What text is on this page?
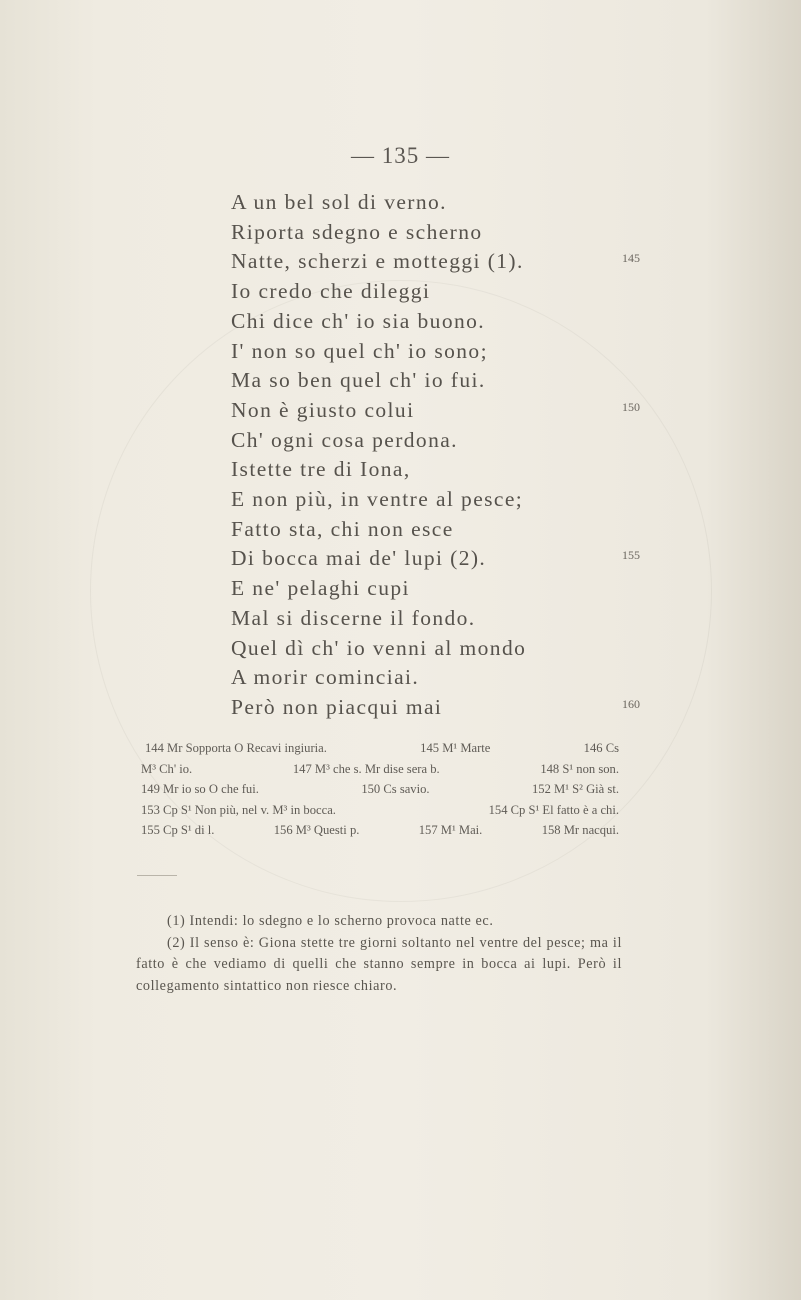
— 135 —
A un bel sol di verno.
Riporta sdegno e scherno
Natte, scherzi e motteggi (1).	145
Io credo che dileggi
Chi dice ch' io sia buono.
I' non so quel ch' io sono;
Ma so ben quel ch' io fui.
Non è giusto colui	150
Ch' ogni cosa perdona.
Istette tre di Iona,
E non più, in ventre al pesce;
Fatto sta, chi non esce
Di bocca mai de' lupi (2).	155
E ne' pelaghi cupi
Mal si discerne il fondo.
Quel dì ch' io venni al mondo
A morir cominciai.
Però non piacqui mai	160
144 Mr Sopporta O Recavi ingiuria.	145 M¹ Marte	146 Cs
M³ Ch' io.	147 M³ che s. Mr dise sera b.	148 S¹ non son.
149 Mr io so O che fui.	150 Cs savio.	152 M¹ S² Già st.
153 Cp S¹ Non più, nel v. M³ in bocca.	154 Cp S¹ El fatto è a chi.
155 Cp S¹ di l.	156 M³ Questi p.	157 M¹ Mai.	158 Mr nacqui.

(1) Intendi: lo sdegno e lo scherno provoca natte ec.

(2) Il senso è: Giona stette tre giorni soltanto nel ventre del pesce; ma il fatto è che vediamo di quelli che stanno sempre in bocca ai lupi. Però il collegamento sintattico non riesce chiaro.
